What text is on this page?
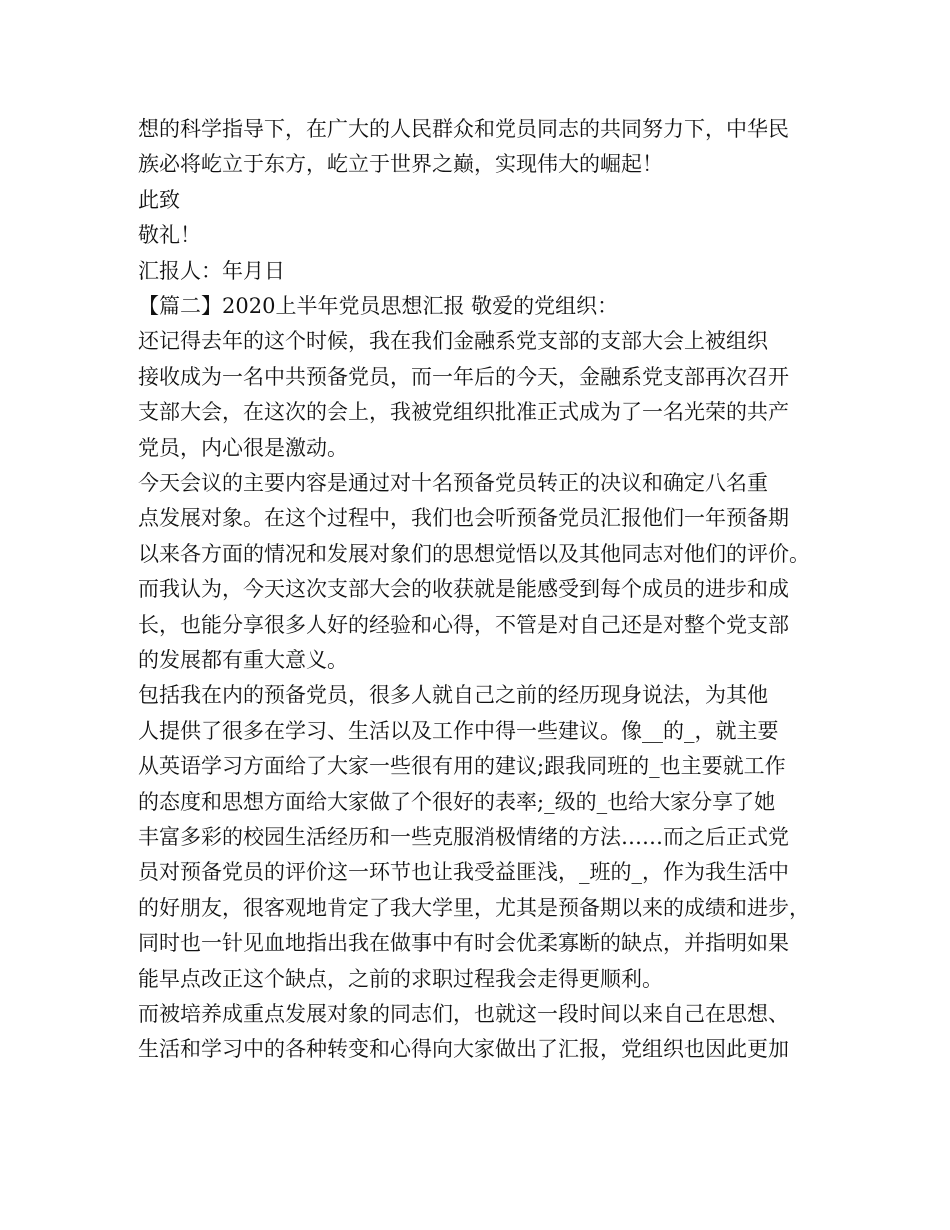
想的科学指导下，在广大的人民群众和党员同志的共同努力下，中华民
族必将屹立于东方，屹立于世界之巅，实现伟大的崛起！
此致
敬礼！
汇报人：年月日
【篇二】2020上半年党员思想汇报 敬爱的党组织：
还记得去年的这个时候，我在我们金融系党支部的支部大会上被组织
接收成为一名中共预备党员，而一年后的今天，金融系党支部再次召开
支部大会，在这次的会上，我被党组织批准正式成为了一名光荣的共产
党员，内心很是激动。
今天会议的主要内容是通过对十名预备党员转正的决议和确定八名重
点发展对象。在这个过程中，我们也会听预备党员汇报他们一年预备期
以来各方面的情况和发展对象们的思想觉悟以及其他同志对他们的评价。
而我认为，今天这次支部大会的收获就是能感受到每个成员的进步和成
长，也能分享很多人好的经验和心得，不管是对自己还是对整个党支部
的发展都有重大意义。
包括我在内的预备党员，很多人就自己之前的经历现身说法，为其他
人提供了很多在学习、生活以及工作中得一些建议。像__的_，就主要
从英语学习方面给了大家一些很有用的建议;跟我同班的_也主要就工作
的态度和思想方面给大家做了个很好的表率;_级的_也给大家分享了她
丰富多彩的校园生活经历和一些克服消极情绪的方法……而之后正式党
员对预备党员的评价这一环节也让我受益匪浅，_班的_，作为我生活中
的好朋友，很客观地肯定了我大学里，尤其是预备期以来的成绩和进步，
同时也一针见血地指出我在做事中有时会优柔寡断的缺点，并指明如果
能早点改正这个缺点，之前的求职过程我会走得更顺利。
而被培养成重点发展对象的同志们，也就这一段时间以来自己在思想、
生活和学习中的各种转变和心得向大家做出了汇报，党组织也因此更加
